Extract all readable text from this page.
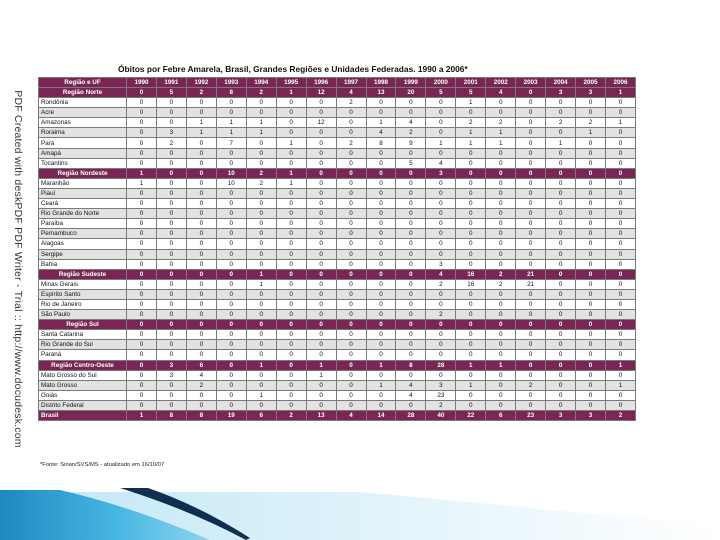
PDF Created with deskPDF PDF Writer - Trial :: http://www.docudesk.com
Óbitos por Febre Amarela, Brasil, Grandes Regiões e Unidades Federadas. 1990 a 2006*
Região e UF	1990	1991	1992	1993	1994	1995	1996	1997	1998	1999	2000	2001	2002	2003	2004	2005	2006
Região Norte	0	5	2	8	2	1	12	4	13	20	5	5	4	0	3	3	1
Rondônia	0	0	0	0	0	0	0	2	0	0	0	1	0	0	0	0	0
Acre	0	0	0	0	0	0	0	0	0	0	0	0	0	0	0	0	0
Amazonas	0	0	1	1	1	0	12	0	1	4	0	2	2	0	2	2	1
Roraima	0	3	1	1	1	0	0	0	4	2	0	1	1	0	0	1	0
Pará	0	2	0	7	0	1	0	2	8	9	1	1	1	0	1	0	0
Amapá	0	0	0	0	0	0	0	0	0	0	0	0	0	0	0	0	0
Tocantins	0	0	0	0	0	0	0	0	0	5	4	0	0	0	0	0	0
Região Nordeste	1	0	0	10	2	1	0	0	0	0	3	0	0	0	0	0	0
Maranhão	1	0	0	10	2	1	0	0	0	0	0	0	0	0	0	0	0
Piauí	0	0	0	0	0	0	0	0	0	0	0	0	0	0	0	0	0
Ceará	0	0	0	0	0	0	0	0	0	0	0	0	0	0	0	0	0
Rio Grande do Norte	0	0	0	0	0	0	0	0	0	0	0	0	0	0	0	0	0
Paraíba	0	0	0	0	0	0	0	0	0	0	0	0	0	0	0	0	0
Pernambuco	0	0	0	0	0	0	0	0	0	0	0	0	0	0	0	0	0
Alagoas	0	0	0	0	0	0	0	0	0	0	0	0	0	0	0	0	0
Sergipe	0	0	0	0	0	0	0	0	0	0	0	0	0	0	0	0	0
Bahia	0	0	0	0	0	0	0	0	0	0	3	0	0	0	0	0	0
Região Sudeste	0	0	0	0	1	0	0	0	0	0	4	16	2	21	0	0	0
Minas Gerais	0	0	0	0	1	0	0	0	0	0	2	16	2	21	0	0	0
Espírito Santo	0	0	0	0	0	0	0	0	0	0	0	0	0	0	0	0	0
Rio de Janeiro	0	0	0	0	0	0	0	0	0	0	0	0	0	0	0	0	0
São Paulo	0	0	0	0	0	0	0	0	0	0	2	0	0	0	0	0	0
Região Sul	0	0	0	0	0	0	0	0	0	0	0	0	0	0	0	0	0
Santa Catarina	0	0	0	0	0	0	0	0	0	0	0	0	0	0	0	0	0
Rio Grande do Sul	0	0	0	0	0	0	0	0	0	0	0	0	0	0	0	0	0
Paraná	0	0	0	0	0	0	0	0	0	0	0	0	0	0	0	0	0
Região Centro-Oeste	0	3	6	0	1	0	1	0	1	8	28	1	1	0	0	0	1
Mato Grosso do Sul	0	3	4	0	0	0	1	0	0	0	0	0	0	0	0	0	0
Mato Grosso	0	0	2	0	0	0	0	0	1	4	3	1	0	2	0	0	1
Goiás	0	0	0	0	1	0	0	0	0	4	23	0	0	0	0	0	0
Distrito Federal	0	0	0	0	0	0	0	0	0	0	2	0	0	0	0	0	0
Brasil	1	8	8	19	6	2	13	4	14	28	40	22	6	23	3	3	2
*Fonte: Sinan/SVS/MS - atualizado em 16/10/07
